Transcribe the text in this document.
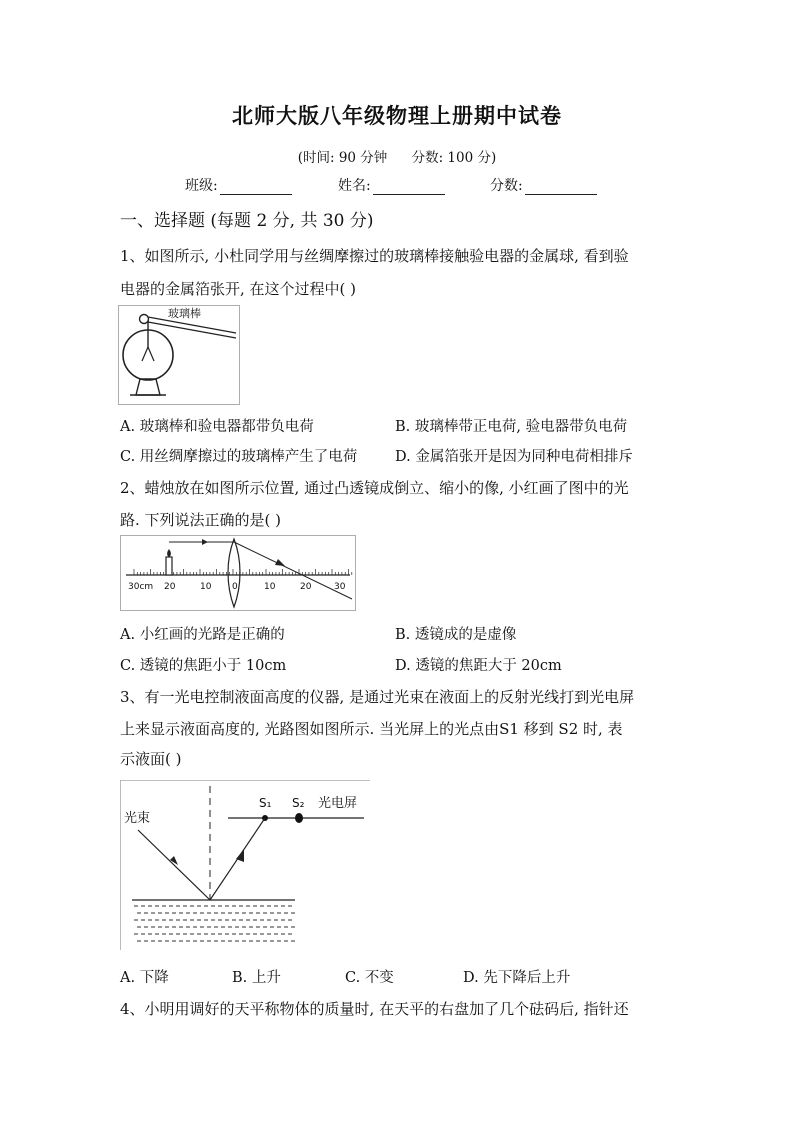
北师大版八年级物理上册期中试卷
(时间: 90 分钟 分数: 100 分)
班级:	姓名:	分数:
一、选择题 (每题 2 分, 共 30 分)
1、如图所示, 小杜同学用与丝绸摩擦过的玻璃棒接触验电器的金属球, 看到验
电器的金属箔张开, 在这个过程中( )
玻璃棒
A. 玻璃棒和验电器都带负电荷	B. 玻璃棒带正电荷, 验电器带负电荷
C. 用丝绸摩擦过的玻璃棒产生了电荷	D. 金属箔张开是因为同种电荷相排斥
2、蜡烛放在如图所示位置, 通过凸透镜成倒立、缩小的像, 小红画了图中的光
路. 下列说法正确的是( )
30cm 20	10 0	10	20	30
A. 小红画的光路是正确的	B. 透镜成的是虚像
C. 透镜的焦距小于 10cm	D. 透镜的焦距大于 20cm
3、有一光电控制液面高度的仪器, 是通过光束在液面上的反射光线打到光电屏
上来显示液面高度的, 光路图如图所示. 当光屏上的光点由S1 移到 S2 时, 表
示液面( )
S₁ S₂ 光电屏
光束
A. 下降	B. 上升	C. 不变	D. 先下降后上升
4、小明用调好的天平称物体的质量时, 在天平的右盘加了几个砝码后, 指针还
